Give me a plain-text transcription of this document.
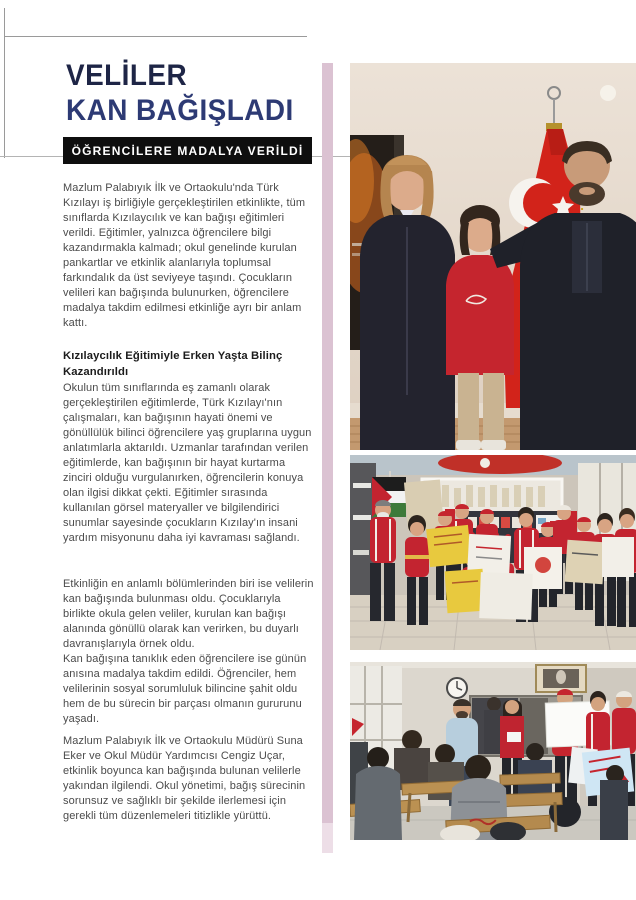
VELİLER
KAN BAĞIŞLADI
ÖĞRENCİLERE MADALYA VERİLDİ

Mazlum Palabıyık İlk ve Ortaokulu'nda Türk Kızılayı iş birliğiyle gerçekleştirilen etkinlikte, tüm sınıflarda Kızılaycılık ve kan bağışı eğitimleri verildi. Eğitimler, yalnızca öğrencilere bilgi kazandırmakla kalmadı; okul genelinde kurulan pankartlar ve etkinlik alanlarıyla toplumsal farkındalık da üst seviyeye taşındı. Çocukların velileri kan bağışında bulunurken, öğrencilere madalya takdim edilmesi etkinliğe ayrı bir anlam kattı.

Kızılaycılık Eğitimiyle Erken Yaşta Bilinç Kazandırıldı

Okulun tüm sınıflarında eş zamanlı olarak gerçekleştirilen eğitimlerde, Türk Kızılayı'nın çalışmaları, kan bağışının hayati önemi ve gönüllülük bilinci öğrencilere yaş gruplarına uygun anlatımlarla aktarıldı. Uzmanlar tarafından verilen eğitimlerde, kan bağışının bir hayat kurtarma zinciri olduğu vurgulanırken, öğrencilerin konuya olan ilgisi dikkat çekti. Eğitimler sırasında kullanılan görsel materyaller ve bilgilendirici sunumlar sayesinde çocukların Kızılay'ın insani yardım misyonunu daha iyi kavraması sağlandı.

Etkinliğin en anlamlı bölümlerinden biri ise velilerin kan bağışında bulunması oldu. Çocuklarıyla birlikte okula gelen veliler, kurulan kan bağışı alanında gönüllü olarak kan verirken, bu duyarlı davranışlarıyla örnek oldu.

Kan bağışına tanıklık eden öğrencilere ise günün anısına madalya takdim edildi. Öğrenciler, hem velilerinin sosyal sorumluluk bilincine şahit oldu hem de bu sürecin bir parçası olmanın gururunu yaşadı.

Mazlum Palabıyık İlk ve Ortaokulu Müdürü Suna Eker ve Okul Müdür Yardımcısı Cengiz Uçar, etkinlik boyunca kan bağışında bulunan velilerle yakından ilgilendi. Okul yönetimi, bağış sürecinin sorunsuz ve sağlıklı bir şekilde ilerlemesi için gerekli tüm düzenlemeleri titizlikle yürüttü.
